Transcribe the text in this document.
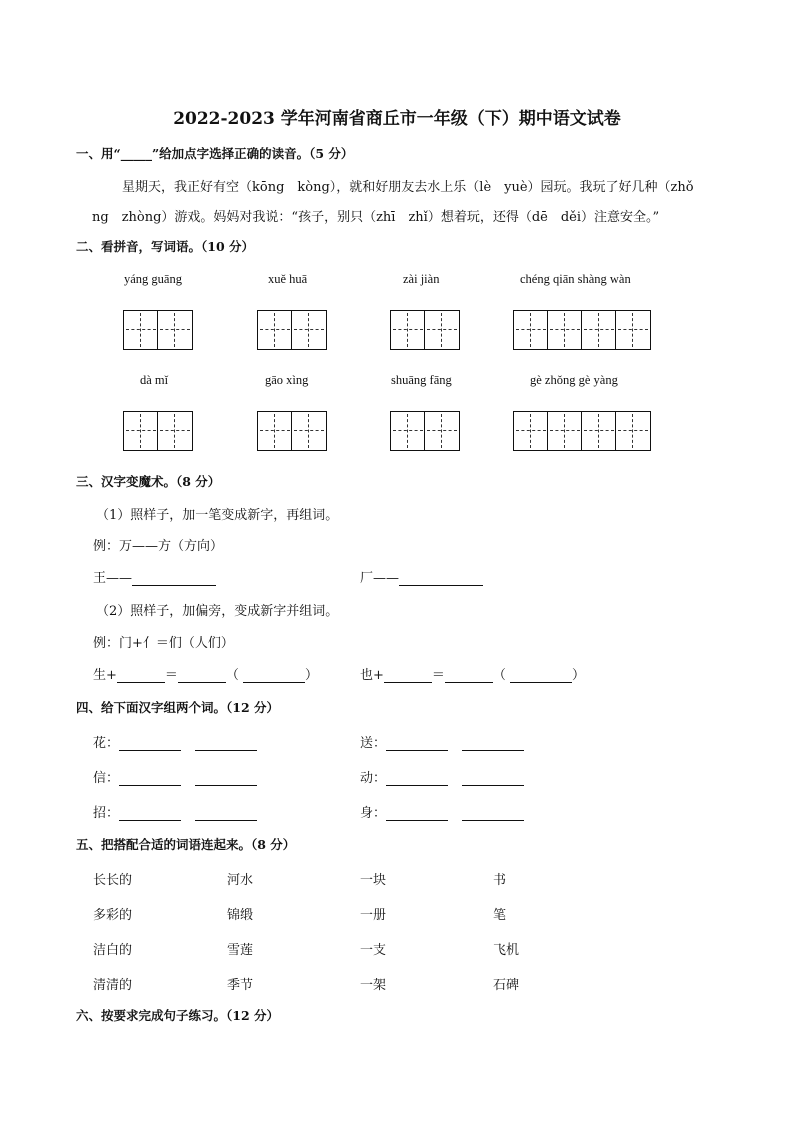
2022-2023 学年河南省商丘市一年级（下）期中语文试卷
一、用“_____”给加点字选择正确的读音。（5 分）
星期天，我正好有空（kōng　kòng），就和好朋友去水上乐（lè　yuè）园玩。我玩了好几种（zhǒ
ng　zhòng）游戏。妈妈对我说：“孩子，别只（zhī　zhǐ）想着玩，还得（dē　děi）注意安全。”
二、看拼音，写词语。（10 分）
yáng guāng	xuě huā	zài jiàn	chéng qiān shàng wàn
dà mǐ	gāo xìng	shuāng fāng	gè zhǒng gè yàng
三、汉字变魔术。（8 分）
（1）照样子，加一笔变成新字，再组词。
例：万——方（方向）
王——	厂——
（2）照样子，加偏旁，变成新字并组词。
例：门+亻＝们（人们）
生+	＝	（	）	也+	＝	（	）
四、给下面汉字组两个词。（12 分）
花：	送：
信：	动：
招：	身：
五、把搭配合适的词语连起来。（8 分）
长长的	河水	一块	书
多彩的	锦缎	一册	笔
洁白的	雪莲	一支	飞机
清清的	季节	一架	石碑
六、按要求完成句子练习。（12 分）
